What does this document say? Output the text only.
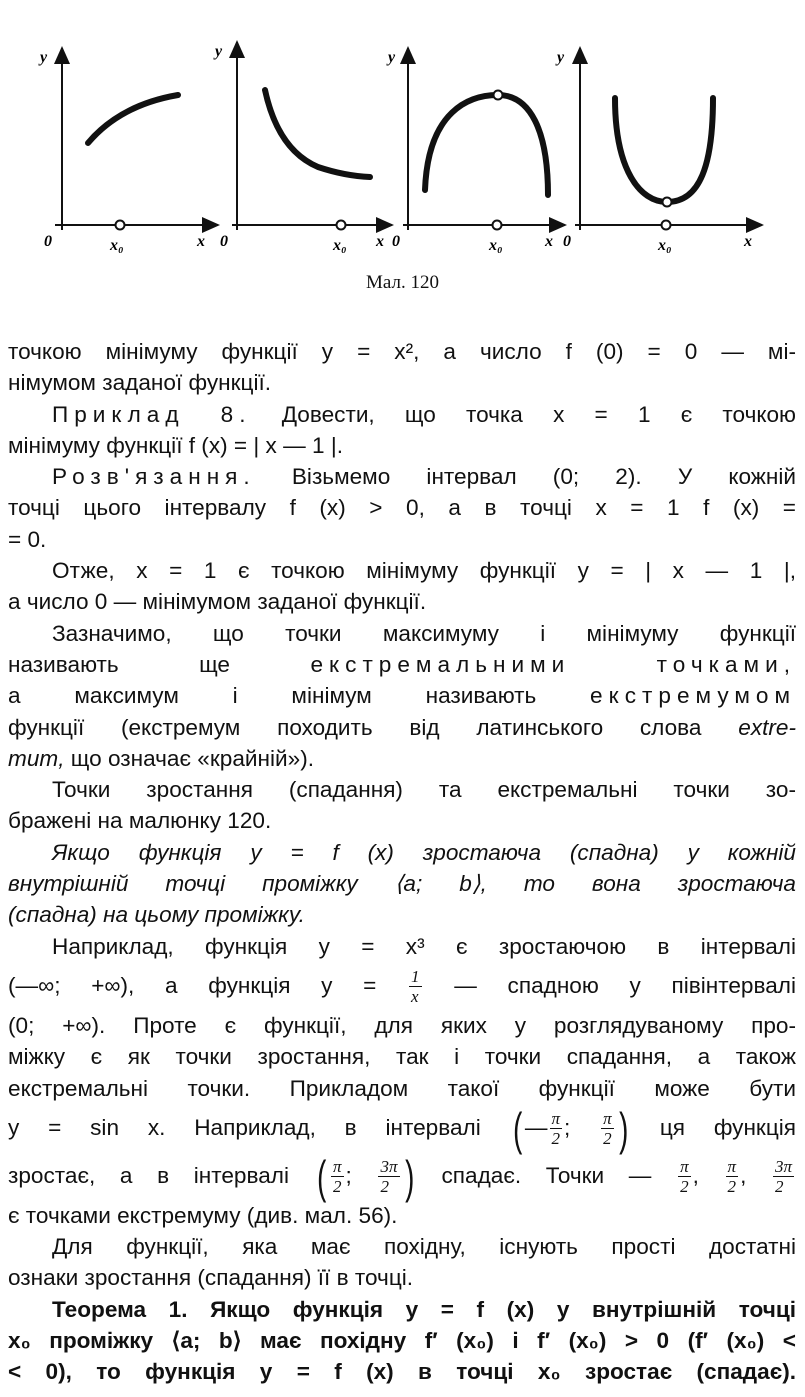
y
0	x₀	x
y
0	x₀ x
y
0	x₀	x
y
0	x₀	x
Мал. 120

точкою мінімуму функції y = x², а число f (0) = 0 — мі-

німумом заданої функції.

Приклад 8. Довести, що точка x = 1 є точкою

мінімуму функції f (x) = | x — 1 |.

Розв'язання. Візьмемо інтервал (0; 2). У кожній

точці цього інтервалу f (x) > 0, а в точці x = 1 f (x) =

= 0.

Отже, x = 1 є точкою мінімуму функції y = | x — 1 |,

а число 0 — мінімумом заданої функції.

Зазначимо, що точки максимуму і мінімуму функції

називають ще	екстремальними точками,

а максимум і мінімум називають екстремумом

функції (екстремум походить від латинського слова extre-

mum, що означає «крайній»).

Точки зростання (спадання) та екстремальні точки зо-

бражені на малюнку 120.

Якщо функція y = f (x) зростаюча (спадна) у кожній

внутрішній точці проміжку ⟨a; b⟩, то вона зростаюча

(спадна) на цьому проміжку.

Наприклад, функція y = x³ є зростаючою в інтервалі

(—∞; +∞), а функція $y = \frac{1}{x}$ — спадною у півінтервалі

(0; +∞). Проте є функції, для яких у розглядуваному про-

міжку є як точки зростання, так і точки спадання, а також

екстремальні точки. Прикладом такої функції може бути

y = sin x. Наприклад, в інтервалі ( — $\frac{\pi}{2}$ ; $\frac{\pi}{2}$ ) ця функція

зростає, а в інтервалі ( $\frac{\pi}{2}$ ; $\frac{3\pi}{2}$ ) спадає. Точки — $\frac{\pi}{2}$ , $\frac{\pi}{2}$ , $\frac{3\pi}{2}$

є точками екстремуму (див. мал. 56).

Для функції, яка має похідну, існують прості достатні

ознаки зростання (спадання) її в точці.

Теорема 1. Якщо функція y = f (x) у внутрішній точці

x₀ проміжку ⟨a; b⟩ має похідну f′ (x₀) і f′ (x₀) > 0 (f′ (x₀) <

< 0), то функція y = f (x) в точці x₀ зростає (спадає).
